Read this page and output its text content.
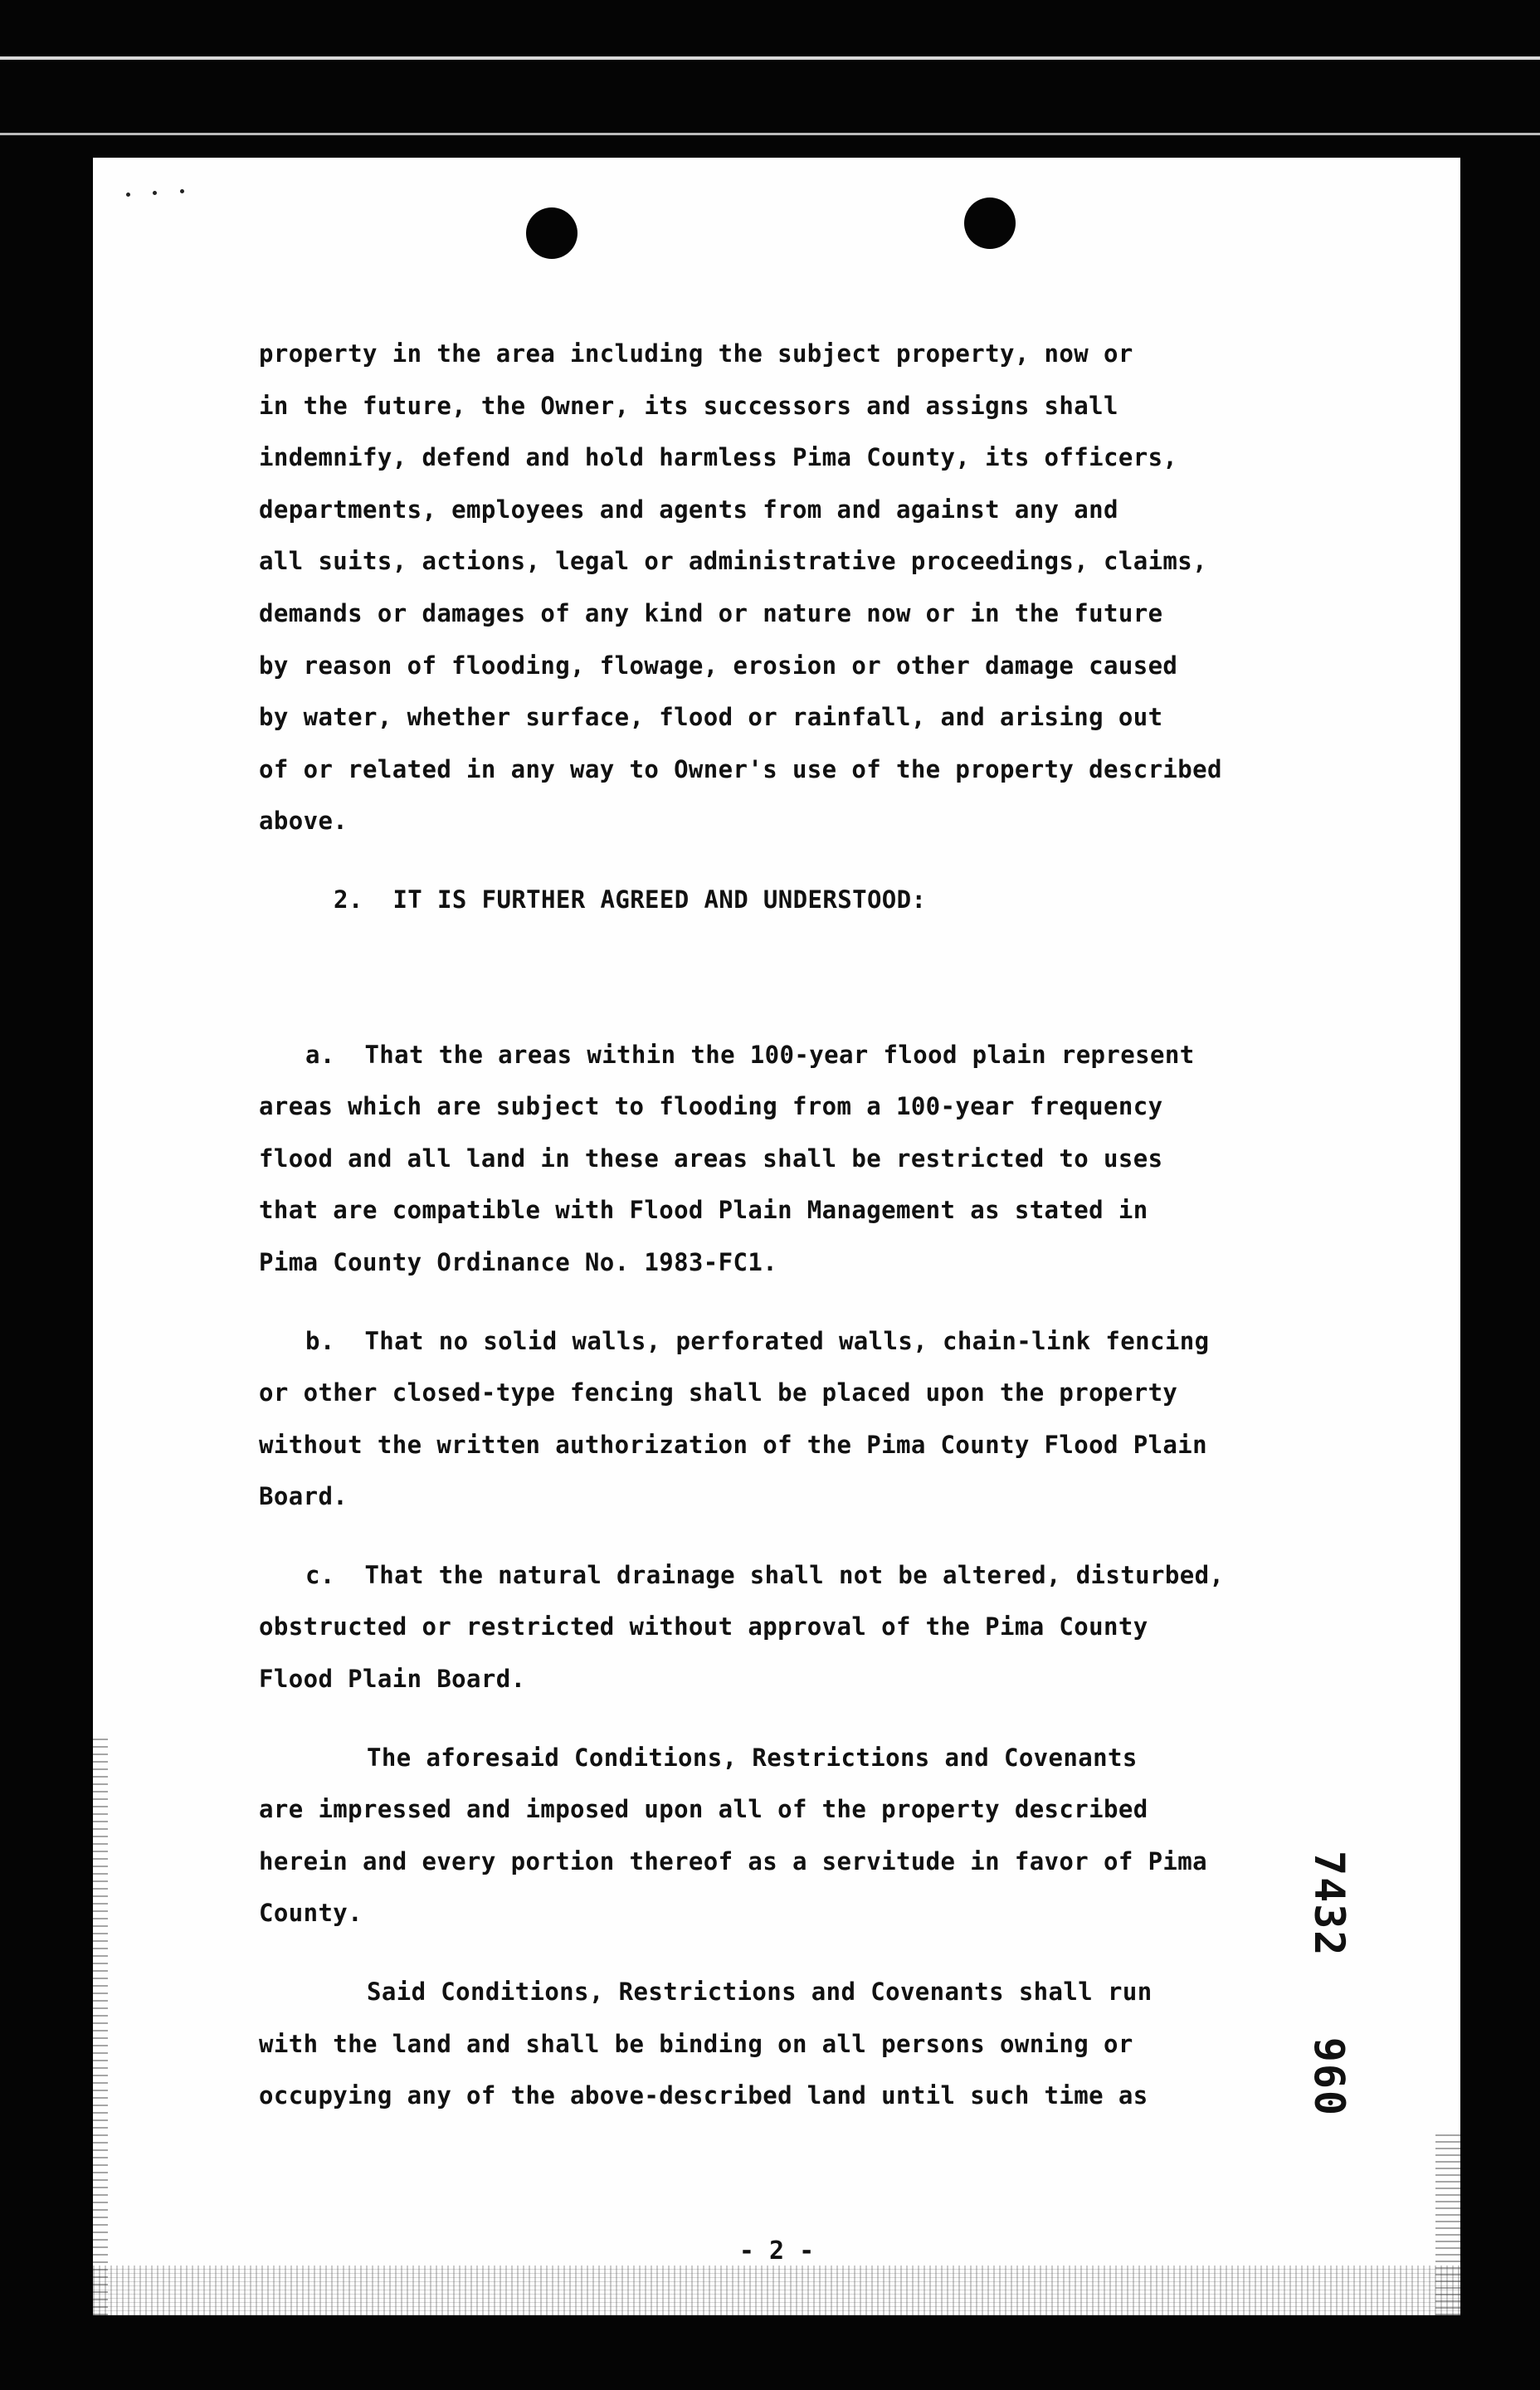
property in the area including the subject property, now or
in the future, the Owner, its successors and assigns shall
indemnify, defend and hold harmless Pima County, its officers,
departments, employees and agents from and against any and
all suits, actions, legal or administrative proceedings, claims,
demands or damages of any kind or nature now or in the future
by reason of flooding, flowage, erosion or other damage caused
by water, whether surface, flood or rainfall, and arising out
of or related in any way to Owner's use of the property described
above.
2.  IT IS FURTHER AGREED AND UNDERSTOOD:
a.  That the areas within the 100-year flood plain represent
areas which are subject to flooding from a 100-year frequency
flood and all land in these areas shall be restricted to uses
that are compatible with Flood Plain Management as stated in
Pima County Ordinance No. 1983-FC1.
b.  That no solid walls, perforated walls, chain-link fencing
or other closed-type fencing shall be placed upon the property
without the written authorization of the Pima County Flood Plain
Board.
c.  That the natural drainage shall not be altered, disturbed,
obstructed or restricted without approval of the Pima County
Flood Plain Board.
The aforesaid Conditions, Restrictions and Covenants
are impressed and imposed upon all of the property described
herein and every portion thereof as a servitude in favor of Pima
County.
Said Conditions, Restrictions and Covenants shall run
with the land and shall be binding on all persons owning or
occupying any of the above-described land until such time as	7432   960
- 2 -
